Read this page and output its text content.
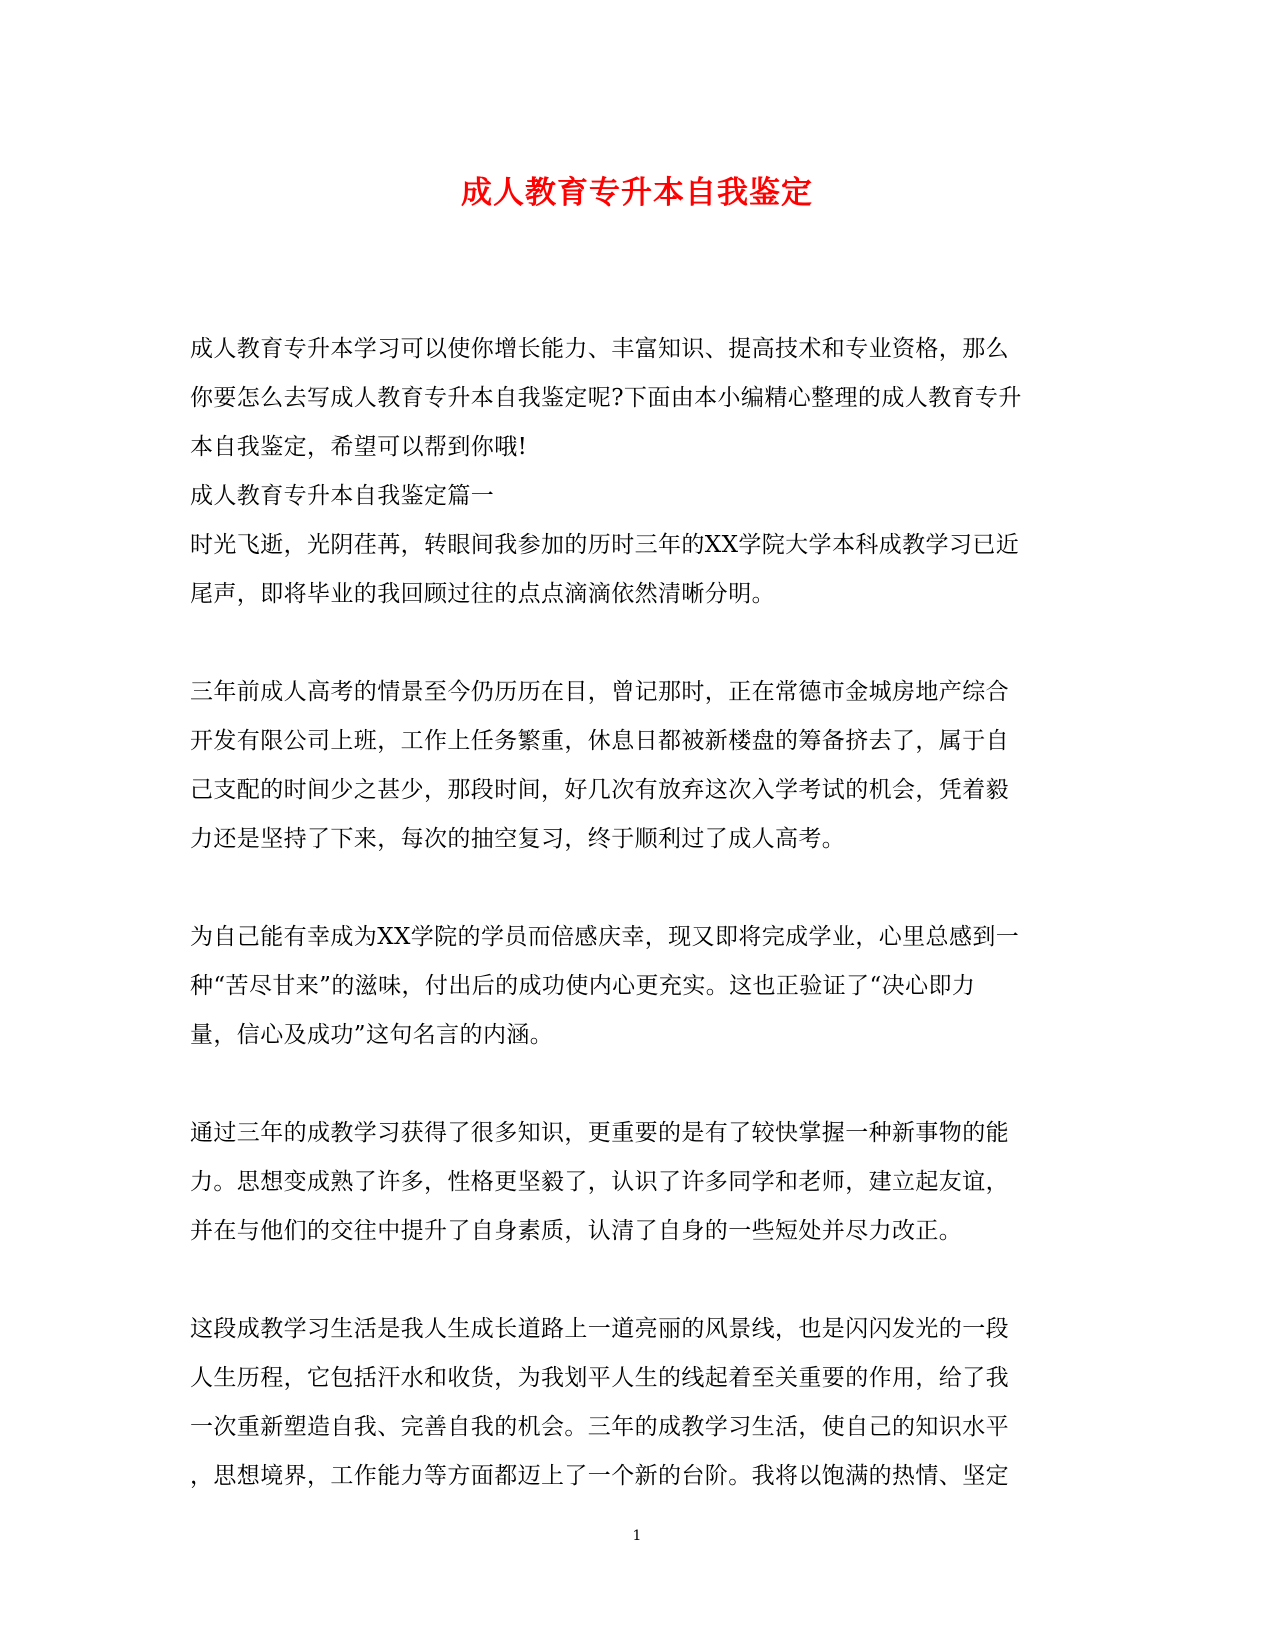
成人教育专升本自我鉴定
成人教育专升本学习可以使你增长能力、丰富知识、提高技术和专业资格，那么
你要怎么去写成人教育专升本自我鉴定呢?下面由本小编精心整理的成人教育专升
本自我鉴定，希望可以帮到你哦!
成人教育专升本自我鉴定篇一
时光飞逝，光阴荏苒，转眼间我参加的历时三年的XX学院大学本科成教学习已近
尾声，即将毕业的我回顾过往的点点滴滴依然清晰分明。
三年前成人高考的情景至今仍历历在目，曾记那时，正在常德市金城房地产综合
开发有限公司上班，工作上任务繁重，休息日都被新楼盘的筹备挤去了，属于自
己支配的时间少之甚少，那段时间，好几次有放弃这次入学考试的机会，凭着毅
力还是坚持了下来，每次的抽空复习，终于顺利过了成人高考。
为自己能有幸成为XX学院的学员而倍感庆幸，现又即将完成学业，心里总感到一
种“苦尽甘来”的滋味，付出后的成功使内心更充实。这也正验证了“决心即力
量，信心及成功”这句名言的内涵。
通过三年的成教学习获得了很多知识，更重要的是有了较快掌握一种新事物的能
力。思想变成熟了许多，性格更坚毅了，认识了许多同学和老师，建立起友谊，
并在与他们的交往中提升了自身素质，认清了自身的一些短处并尽力改正。
这段成教学习生活是我人生成长道路上一道亮丽的风景线，也是闪闪发光的一段
人生历程，它包括汗水和收货，为我划平人生的线起着至关重要的作用，给了我
一次重新塑造自我、完善自我的机会。三年的成教学习生活，使自己的知识水平
，思想境界，工作能力等方面都迈上了一个新的台阶。我将以饱满的热情、坚定
1
